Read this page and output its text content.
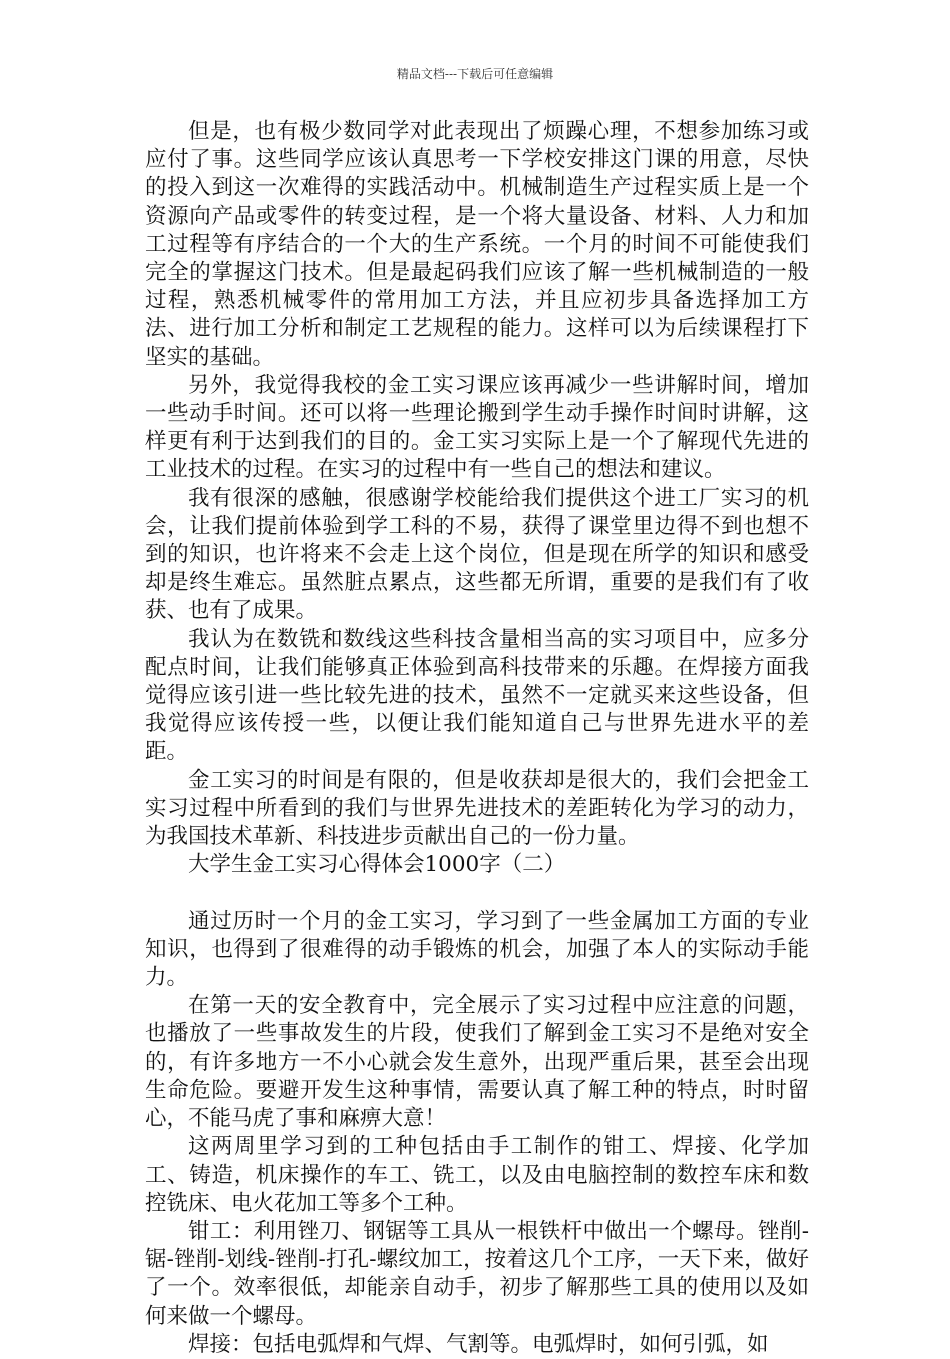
精品文档---下载后可任意编辑

但是，也有极少数同学对此表现出了烦躁心理，不想参加练习或应付了事。这些同学应该认真思考一下学校安排这门课的用意，尽快的投入到这一次难得的实践活动中。机械制造生产过程实质上是一个资源向产品或零件的转变过程，是一个将大量设备、材料、人力和加工过程等有序结合的一个大的生产系统。一个月的时间不可能使我们完全的掌握这门技术。但是最起码我们应该了解一些机械制造的一般过程，熟悉机械零件的常用加工方法，并且应初步具备选择加工方法、进行加工分析和制定工艺规程的能力。这样可以为后续课程打下坚实的基础。

另外，我觉得我校的金工实习课应该再减少一些讲解时间，增加一些动手时间。还可以将一些理论搬到学生动手操作时间时讲解，这样更有利于达到我们的目的。金工实习实际上是一个了解现代先进的工业技术的过程。在实习的过程中有一些自己的想法和建议。

我有很深的感触，很感谢学校能给我们提供这个进工厂实习的机会，让我们提前体验到学工科的不易，获得了课堂里边得不到也想不到的知识，也许将来不会走上这个岗位，但是现在所学的知识和感受却是终生难忘。虽然脏点累点，这些都无所谓，重要的是我们有了收获、也有了成果。

我认为在数铣和数线这些科技含量相当高的实习项目中，应多分配点时间，让我们能够真正体验到高科技带来的乐趣。在焊接方面我觉得应该引进一些比较先进的技术，虽然不一定就买来这些设备，但我觉得应该传授一些，以便让我们能知道自己与世界先进水平的差距。

金工实习的时间是有限的，但是收获却是很大的，我们会把金工实习过程中所看到的我们与世界先进技术的差距转化为学习的动力，为我国技术革新、科技进步贡献出自己的一份力量。

大学生金工实习心得体会1000字（二）

通过历时一个月的金工实习，学习到了一些金属加工方面的专业知识，也得到了很难得的动手锻炼的机会，加强了本人的实际动手能力。

在第一天的安全教育中，完全展示了实习过程中应注意的问题，也播放了一些事故发生的片段，使我们了解到金工实习不是绝对安全的，有许多地方一不小心就会发生意外，出现严重后果，甚至会出现生命危险。要避开发生这种事情，需要认真了解工种的特点，时时留心，不能马虎了事和麻痹大意！

这两周里学习到的工种包括由手工制作的钳工、焊接、化学加工、铸造，机床操作的车工、铣工，以及由电脑控制的数控车床和数控铣床、电火花加工等多个工种。

钳工：利用锉刀、钢锯等工具从一根铁杆中做出一个螺母。锉削-锯-锉削-划线-锉削-打孔-螺纹加工，按着这几个工序，一天下来，做好了一个。效率很低，却能亲自动手，初步了解那些工具的使用以及如何来做一个螺母。

焊接：包括电弧焊和气焊、气割等。电弧焊时，如何引弧，如
